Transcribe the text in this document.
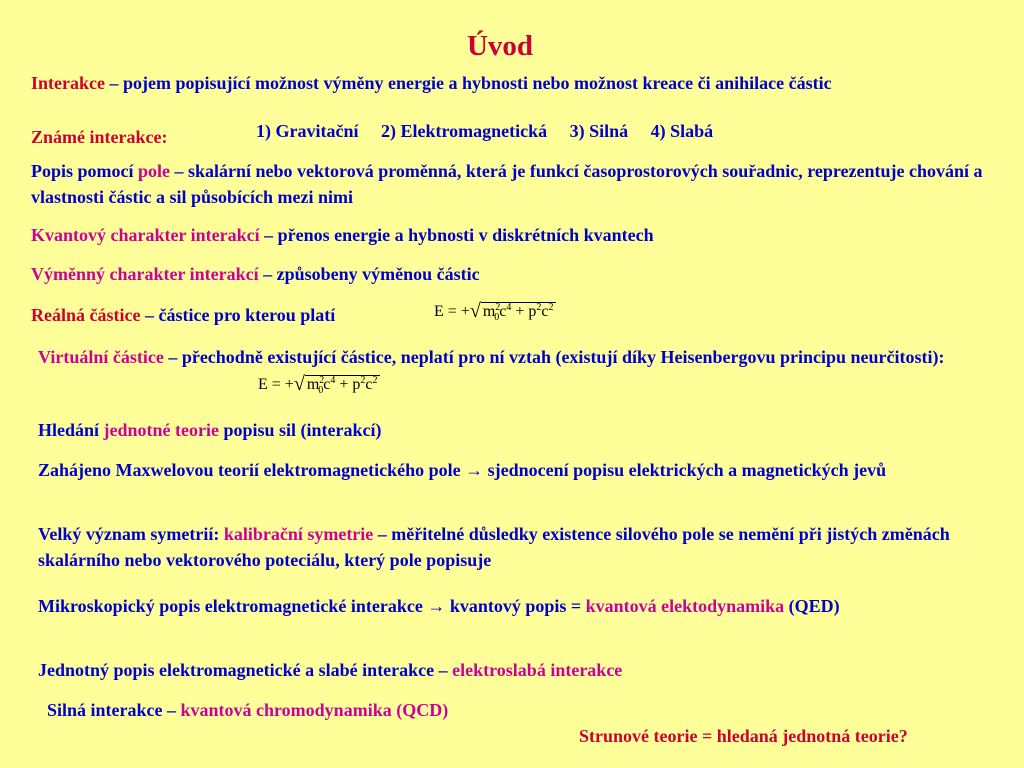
Úvod
Interakce – pojem popisující možnost výměny energie a hybnosti nebo možnost kreace či anihilace částic
Známé interakce:	1) Gravitační     2) Elektromagnetická     3) Silná     4) Slabá
Popis pomocí pole – skalární nebo vektorová proměnná, která je funkcí časoprostorových souřadnic, reprezentuje chování a vlastnosti částic a sil působících mezi nimi
Kvantový charakter interakcí – přenos energie a hybnosti v diskrétních kvantech
Výměnný charakter interakcí – způsobeny výměnou částic
Reálná částice – částice pro kterou platí	E = + √ m 2
0 c 4 + p 2 c 2
Virtuální částice – přechodně existující částice, neplatí pro ní vztah (existují díky Heisenbergovu principu neurčitosti):
E = + √ m 2
0 c 4 + p 2 c 2
Hledání jednotné teorie popisu sil (interakcí)
Zahájeno Maxwelovou teorií elektromagnetického pole → sjednocení popisu elektrických a magnetických jevů
Velký význam symetrií: kalibrační symetrie – měřitelné důsledky existence silového pole se nemění při jistých změnách skalárního nebo vektorového poteciálu, který pole popisuje
Mikroskopický popis elektromagnetické interakce → kvantový popis = kvantová elektodynamika (QED)
Jednotný popis elektromagnetické a slabé interakce – elektroslabá interakce
Silná interakce – kvantová chromodynamika (QCD)
Strunové teorie = hledaná jednotná teorie?
